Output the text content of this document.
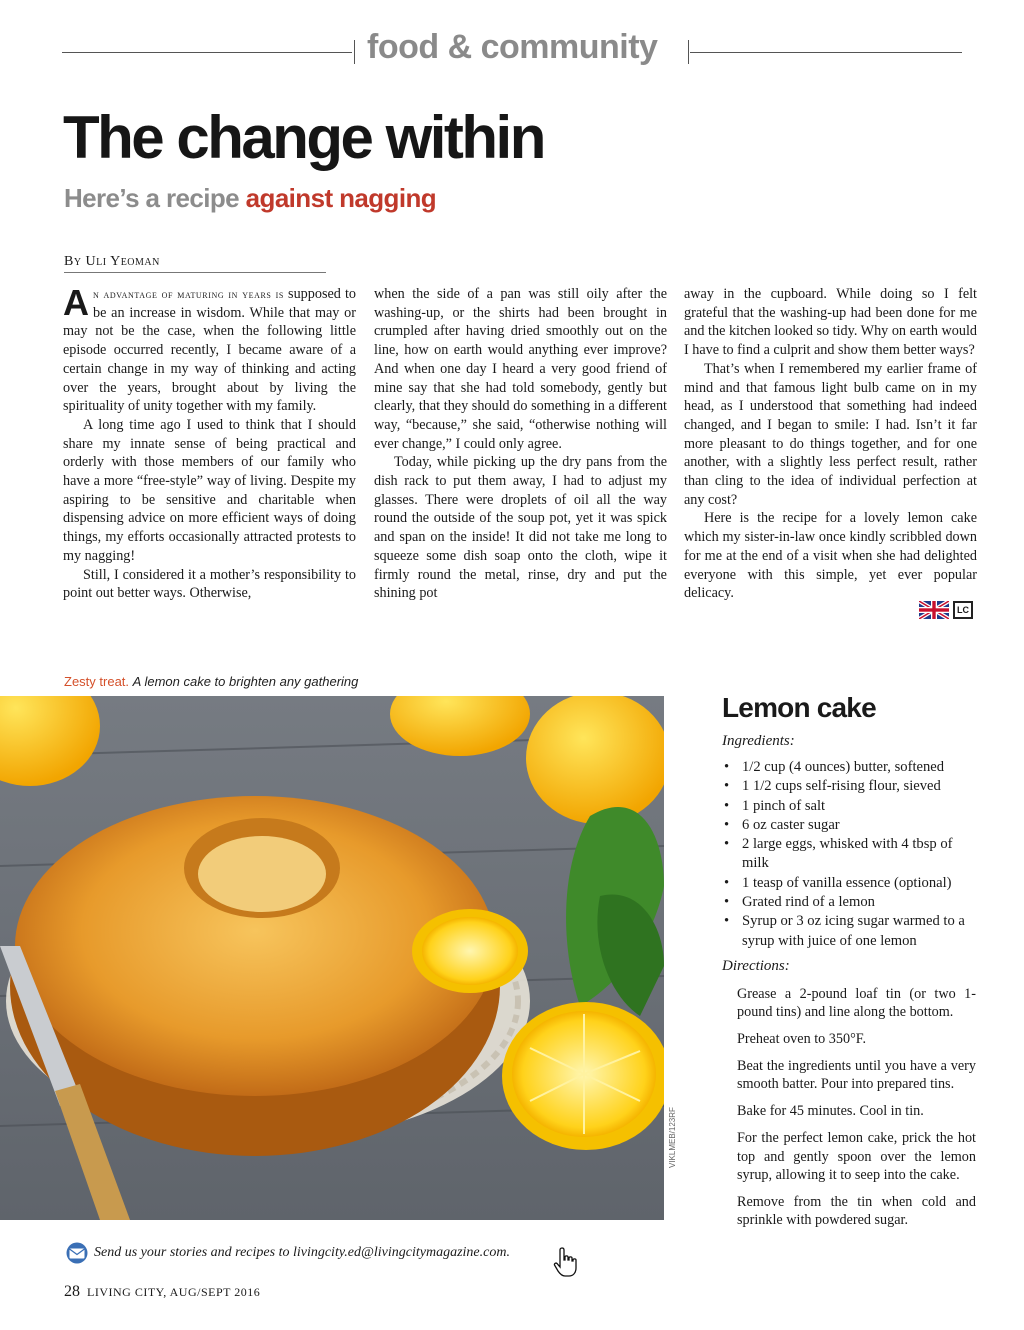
food & community
The change within
Here’s a recipe against nagging
By Uli Yeoman

An advantage of maturing in years is supposed to be an increase in wisdom. While that may or may not be the case, when the following little episode occurred recently, I became aware of a certain change in my way of thinking and acting over the years, brought about by living the spirituality of unity together with my family.

A long time ago I used to think that I should share my innate sense of being practical and orderly with those members of our family who have a more “free-style” way of living. Despite my aspiring to be sensitive and charitable when dispensing advice on more efficient ways of doing things, my efforts occasionally attracted protests to my nagging!

Still, I considered it a mother’s responsibility to point out better ways. Otherwise,

when the side of a pan was still oily after the washing-up, or the shirts had been brought in crumpled after having dried smoothly out on the line, how on earth would anything ever improve? And when one day I heard a very good friend of mine say that she had told somebody, gently but clearly, that they should do something in a different way, “because,” she said, “otherwise nothing will ever change,” I could only agree.

Today, while picking up the dry pans from the dish rack to put them away, I had to adjust my glasses. There were droplets of oil all the way round the outside of the soup pot, yet it was spick and span on the inside! It did not take me long to squeeze some dish soap onto the cloth, wipe it firmly round the metal, rinse, dry and put the shining pot

away in the cupboard. While doing so I felt grateful that the washing-up had been done for me and the kitchen looked so tidy. Why on earth would I have to find a culprit and show them better ways?

That’s when I remembered my earlier frame of mind and that famous light bulb came on in my head, as I understood that something had indeed changed, and I began to smile: I had. Isn’t it far more pleasant to do things together, and for one another, with a slightly less perfect result, rather than cling to the idea of individual perfection at any cost?

Here is the recipe for a lovely lemon cake which my sister-in-law once kindly scribbled down for me at the end of a visit when she had delighted everyone with this simple, yet ever popular delicacy.

LC
Zesty treat. A lemon cake to brighten any gathering
VIKLMEB/123RF
Lemon cake
Ingredients:
• 1/2 cup (4 ounces) butter, softened
• 1 1/2 cups self-rising flour, sieved
• 1 pinch of salt
• 6 oz caster sugar
• 2 large eggs, whisked with 4 tbsp of milk
• 1 teasp of vanilla essence (optional)
• Grated rind of a lemon
• Syrup or 3 oz icing sugar warmed to a syrup with juice of one lemon
Directions:

Grease a 2-pound loaf tin (or two 1-pound tins) and line along the bottom.

Preheat oven to 350°F.

Beat the ingredients until you have a very smooth batter. Pour into prepared tins.

Bake for 45 minutes. Cool in tin.

For the perfect lemon cake, prick the hot top and gently spoon over the lemon syrup, allowing it to seep into the cake.

Remove from the tin when cold and sprinkle with powdered sugar.

Send us your stories and recipes to livingcity.ed@livingcitymagazine.com.
28 LIVING CITY, AUG/SEPT 2016
